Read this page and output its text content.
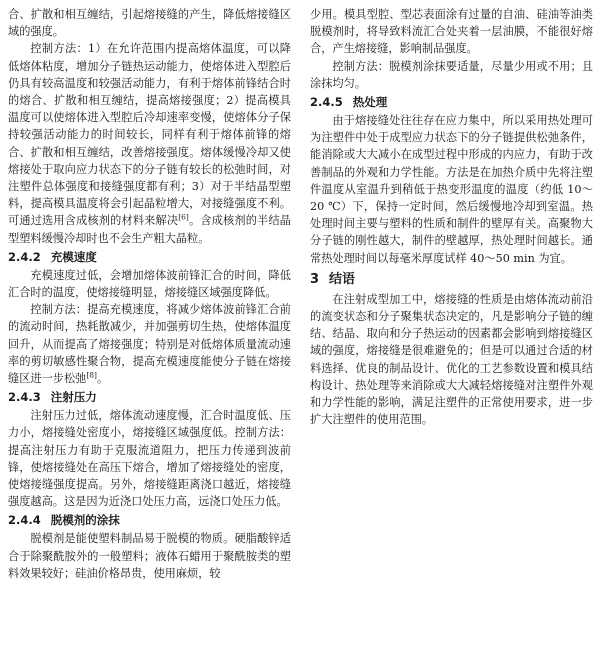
合、扩散和相互缠结，引起熔接缝的产生，降低熔接缝区域的强度。

控制方法：1）在允许范围内提高熔体温度，可以降低熔体粘度，增加分子链热运动能力，使熔体进入型腔后仍具有较高温度和较强活动能力，有利于熔体前锋结合时的熔合、扩散和相互缠结，提高熔接强度；2）提高模具温度可以使熔体进入型腔后冷却速率变慢，使熔体分子保持较强活动能力的时间较长，同样有利于熔体前锋的熔合、扩散和相互缠结，改善熔接强度。熔体缓慢冷却又使熔接处于取向应力状态下的分子链有较长的松弛时间，对注塑件总体强度和接缝强度都有利；3）对于半结晶型塑料，提高模具温度将会引起晶粒增大，对接缝强度不利。可通过选用含成核剂的材料来解决[6]。含成核剂的半结晶型塑料缓慢冷却时也不会生产粗大晶粒。

2.4.2 充模速度

充模速度过低，会增加熔体波前锋汇合的时间，降低汇合时的温度，使熔接缝明显，熔接缝区域强度降低。

控制方法：提高充模速度，将减少熔体波前锋汇合前的流动时间，热耗散减少，并加强剪切生热，使熔体温度回升，从而提高了熔接强度；特别是对低熔体质量流动速率的剪切敏感性聚合物，提高充模速度能使分子链在熔接缝区进一步松弛[8]。

2.4.3 注射压力

注射压力过低，熔体流动速度慢，汇合时温度低、压力小，熔接缝处密度小，熔接缝区域强度低。控制方法：提高注射压力有助于克服流道阻力，把压力传递到波前锋，使熔接缝处在高压下熔合，增加了熔接缝处的密度，使熔接缝强度提高。另外，熔接缝距离浇口越近，熔接缝强度越高。这是因为近浇口处压力高，远浇口处压力低。

2.4.4 脱模剂的涂抹

脱模剂是能使塑料制品易于脱模的物质。硬脂酸锌适合于除聚酰胺外的一般塑料；液体石蜡用于聚酰胺类的塑料效果较好；硅油价格昂贵，使用麻烦，较

少用。模具型腔、型芯表面涂有过量的自油、硅油等油类脱模剂时，将导致料流汇合处夹着一层油膜，不能很好熔合，产生熔接缝，影响制品强度。

控制方法：脱模剂涂抹要适量，尽量少用或不用；且涂抹均匀。

2.4.5 热处理

由于熔接缝处往往存在应力集中，所以采用热处理可为注塑件中处于成型应力状态下的分子链提供松弛条件，能消除或大大减小在成型过程中形成的内应力，有助于改善制品的外观和力学性能。方法是在加热介质中先将注塑件温度从室温升到稍低于热变形温度的温度（约低 10～20 ℃）下，保持一定时间，然后缓慢地冷却到室温。热处理时间主要与塑料的性质和制件的壁厚有关。高聚物大分子链的刚性越大，制件的壁越厚，热处理时间越长。通常热处理时间以每毫米厚度试样 40～50 min 为宜。

3 结语

在注射成型加工中，熔接缝的性质是由熔体流动前沿的流变状态和分子聚集状态决定的，凡是影响分子链的缠结、结晶、取向和分子热运动的因素都会影响到熔接缝区域的强度，熔接缝是很难避免的；但是可以通过合适的材料选择、优良的制品设计、优化的工艺参数设置和模具结构设计、热处理等来消除或大大减轻熔接缝对注塑件外观和力学性能的影响，满足注塑件的正常使用要求，进一步扩大注塑件的使用范围。
